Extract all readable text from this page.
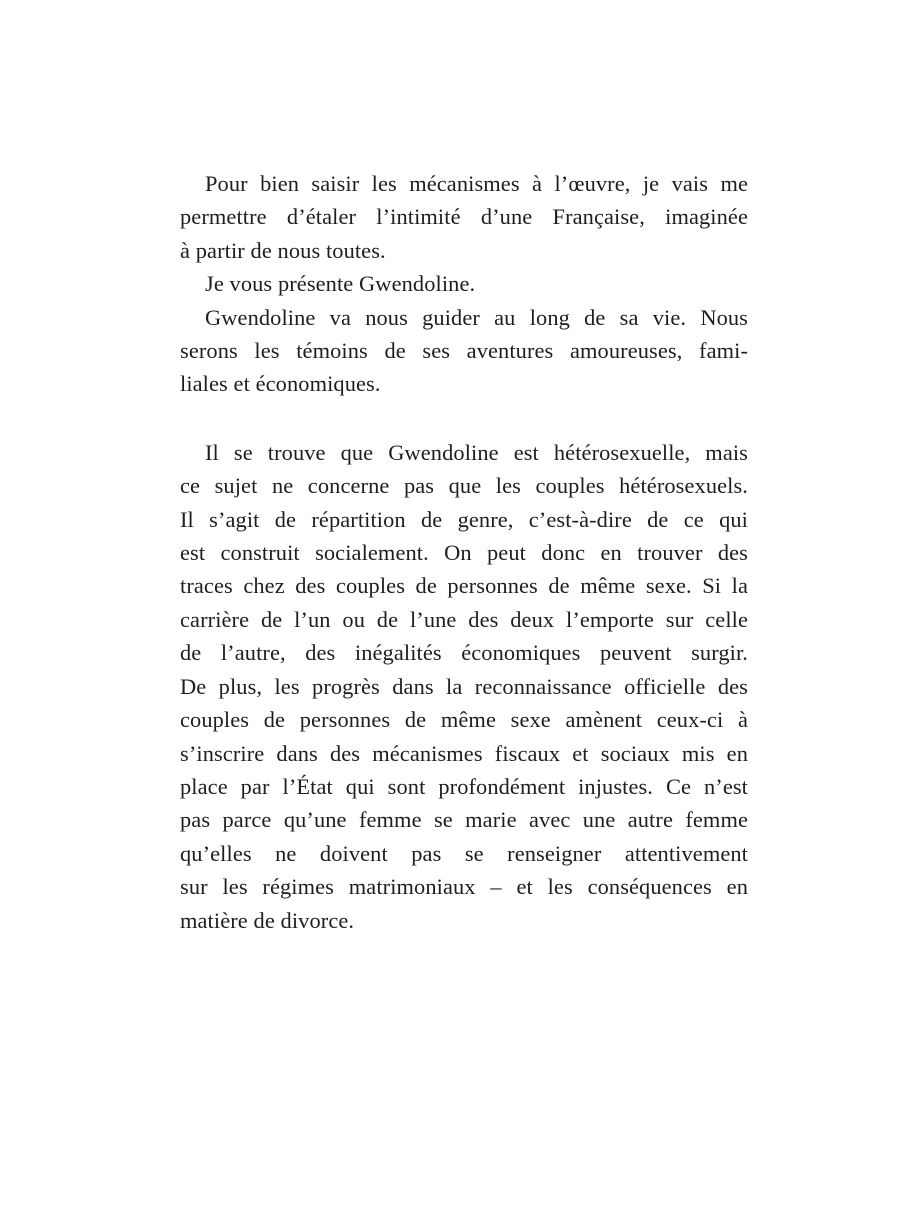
Pour bien saisir les mécanismes à l’œuvre, je vais me
permettre d’étaler l’intimité d’une Française, imaginée
à partir de nous toutes.
Je vous présente Gwendoline.
Gwendoline va nous guider au long de sa vie. Nous
serons les témoins de ses aventures amoureuses, fami-
liales et économiques.
Il se trouve que Gwendoline est hétérosexuelle, mais
ce sujet ne concerne pas que les couples hétérosexuels.
Il s’agit de répartition de genre, c’est-à-dire de ce qui
est construit socialement. On peut donc en trouver des
traces chez des couples de personnes de même sexe. Si la
carrière de l’un ou de l’une des deux l’emporte sur celle
de l’autre, des inégalités économiques peuvent surgir.
De plus, les progrès dans la reconnaissance officielle des
couples de personnes de même sexe amènent ceux-ci à
s’inscrire dans des mécanismes fiscaux et sociaux mis en
place par l’État qui sont profondément injustes. Ce n’est
pas parce qu’une femme se marie avec une autre femme
qu’elles ne doivent pas se renseigner attentivement
sur les régimes matrimoniaux – et les conséquences en
matière de divorce.
